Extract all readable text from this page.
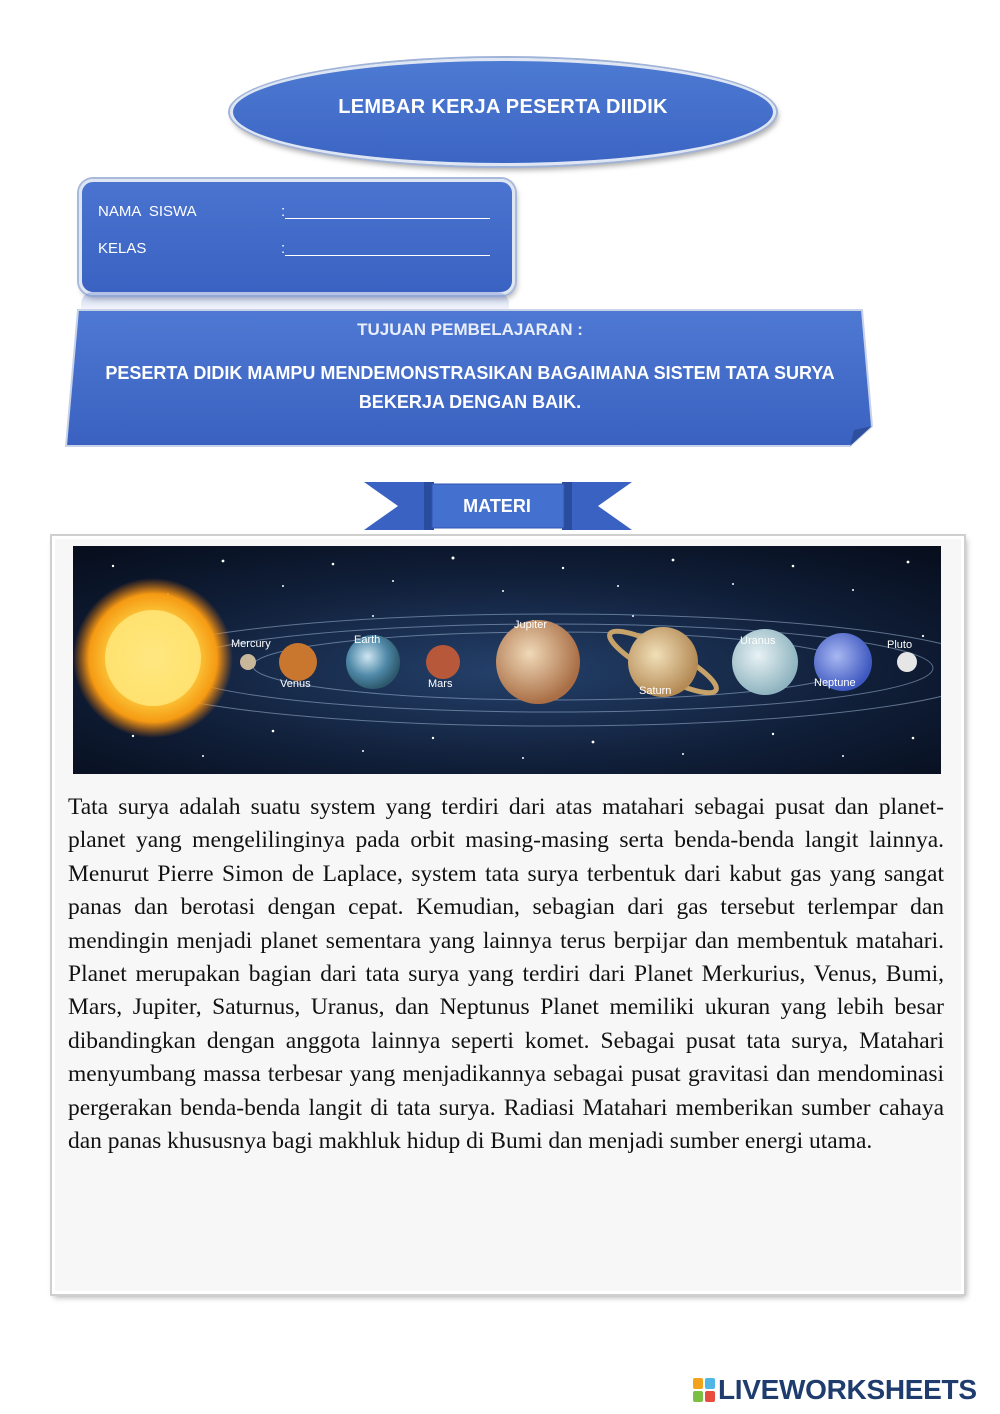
LEMBAR KERJA PESERTA DIIDIK
NAMA  SISWA	:
KELAS	:
TUJUAN PEMBELAJARAN :
PESERTA DIDIK MAMPU MENDEMONSTRASIKAN BAGAIMANA SISTEM TATA SURYA BEKERJA DENGAN BAIK.
MATERI
Mercury
Venus
Earth
Mars
Jupiter
Saturn
Uranus
Neptune
Pluto
Tata surya adalah suatu system yang terdiri dari atas matahari sebagai pusat dan planet-planet yang mengelilinginya pada orbit masing-masing serta benda-benda langit lainnya. Menurut Pierre Simon de Laplace, system tata surya terbentuk dari kabut gas yang sangat panas dan berotasi dengan cepat. Kemudian, sebagian dari gas tersebut terlempar dan mendingin menjadi planet sementara yang lainnya terus berpijar dan membentuk matahari. Planet merupakan bagian dari tata surya yang terdiri dari Planet Merkurius, Venus, Bumi, Mars, Jupiter, Saturnus, Uranus, dan Neptunus Planet memiliki ukuran yang lebih besar dibandingkan dengan anggota lainnya seperti komet. Sebagai pusat tata surya, Matahari menyumbang massa terbesar yang menjadikannya sebagai pusat gravitasi dan mendominasi pergerakan benda-benda langit di tata surya. Radiasi Matahari memberikan sumber cahaya dan panas khususnya bagi makhluk hidup di Bumi dan menjadi sumber energi utama.
LIVEWORKSHEETS
